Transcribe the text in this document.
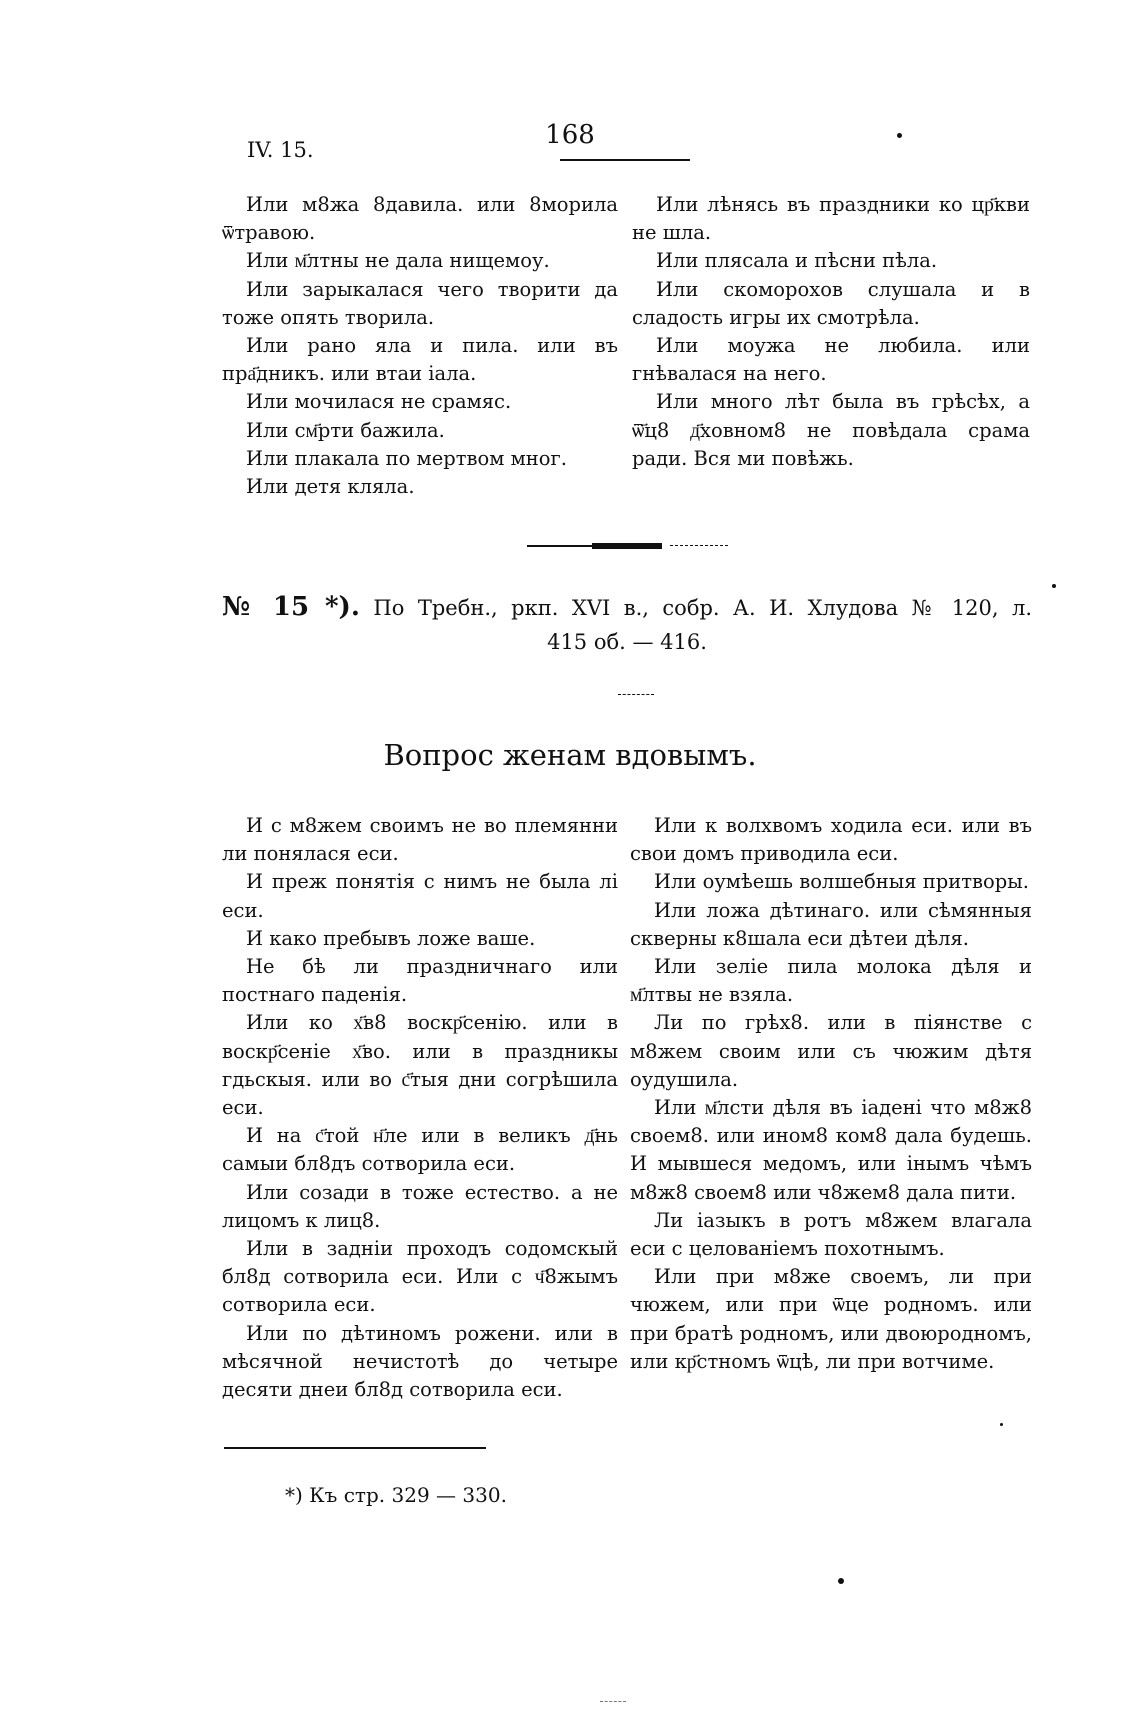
IV. 15.	168

Или м8жа 8давила. или 8морила ѿтравою.

Или м҃лтны не дала нищемоу.

Или зарыкалася чего творити да тоже опять творила.

Или рано яла и пила. или въ пра҃дникъ. или втаи iала.

Или мочилася не срамяс.

Или см҃рти бажила.

Или плакала по мертвом мног.

Или детя кляла.

Или лѣнясь въ праздники ко цр҃кви не шла.

Или плясала и пѣсни пѣла.

Или скоморохов слушала и в сладость игры их смотрѣла.

Или моужа не любила. или гнѣвалася на него.

Или много лѣт была въ грѣсѣх, а ѿ҃ц8 д҃ховном8 не повѣдала срама ради. Вся ми повѣжь.

№ 15 *). По Требн., ркп. XVI в., собр. А. И. Хлудова № 120, л.
415 об. — 416.
Вопрос женам вдовымъ.

И с м8жем своимъ не во племянни ли понялася еси.

И преж понятія с нимъ не была лі еси.

И како пребывъ ложе ваше.

Не бѣ ли праздничнаго или постнаго паденія.

Или ко х҃в8 воскр҃сенію. или в воскр҃сеніе х҃во. или в праздникы гдьскыя. или во с҃тыя дни согрѣшила еси.

И на с҃той н҃ле или в великъ д҃нь самыи бл8дъ сотворила еси.

Или созади в тоже естество. а не лицомъ к лиц8.

Или в задніи проходъ содомскый бл8д сотворила еси. Или с ч҃8жымъ сотворила еси.

Или по дѣтиномъ рожени. или в мѣсячной нечистотѣ до четыре десяти днеи бл8д сотворила еси.

Или к волхвомъ ходила еси. или въ свои домъ приводила еси.

Или оумѣешь волшебныя притворы.

Или ложа дѣтинаго. или сѣмянныя скверны к8шала еси дѣтеи дѣля.

Или зеліе пила молока дѣля и м҃лтвы не взяла.

Ли по грѣх8. или в піянстве с м8жем своим или съ чюжим дѣтя оудушила.

Или м҃лсти дѣля въ iадені что м8ж8 своем8. или ином8 ком8 дала будешь. И мывшеся медомъ, или інымъ чѣмъ м8ж8 своем8 или ч8жем8 дала пити.

Ли iазыкъ в ротъ м8жем влагала еси с целованіемъ похотнымъ.

Или при м8же своемъ, ли при чюжем, или при ѿце родномъ. или при братѣ родномъ, или двоюродномъ, или кр҃стномъ ѿцѣ, ли при вотчиме.

*) Къ стр. 329 — 330.
